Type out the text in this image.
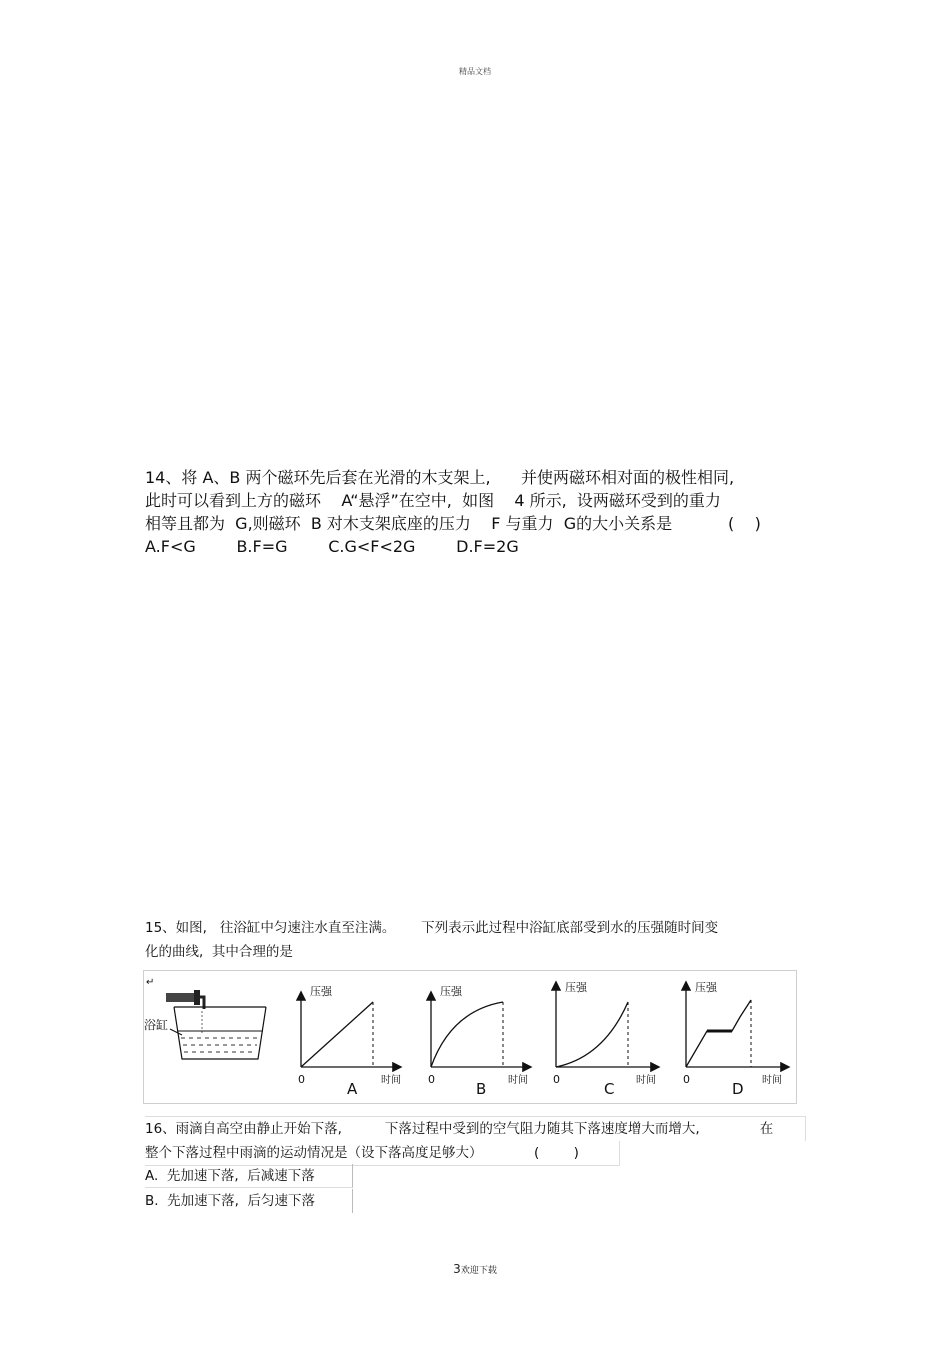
精品文档
14、将 A、B 两个磁环先后套在光滑的木支架上,      并使两磁环相对面的极性相同,
此时可以看到上方的磁环    A“悬浮”在空中,  如图    4 所示,  设两磁环受到的重力
相等且都为  G,则磁环  B 对木支架底座的压力    F 与重力  G的大小关系是           (    )
A.F<G        B.F=G        C.G<F<2G        D.F=2G
15、如图,   往浴缸中匀速注水直至注满。      下列表示此过程中浴缸底部受到水的压强随时间变
化的曲线,  其中合理的是
↵
浴缸
压强
0
A 时间
压强
0
B 时间
压强
0
C 时间
压强
0
D 时间
16、雨滴自高空由静止开始下落,          下落过程中受到的空气阻力随其下落速度增大而增大,              在
整个下落过程中雨滴的运动情况是（设下落高度足够大）            (        )
A.  先加速下落,  后减速下落
B.  先加速下落,  后匀速下落
3欢迎下载
